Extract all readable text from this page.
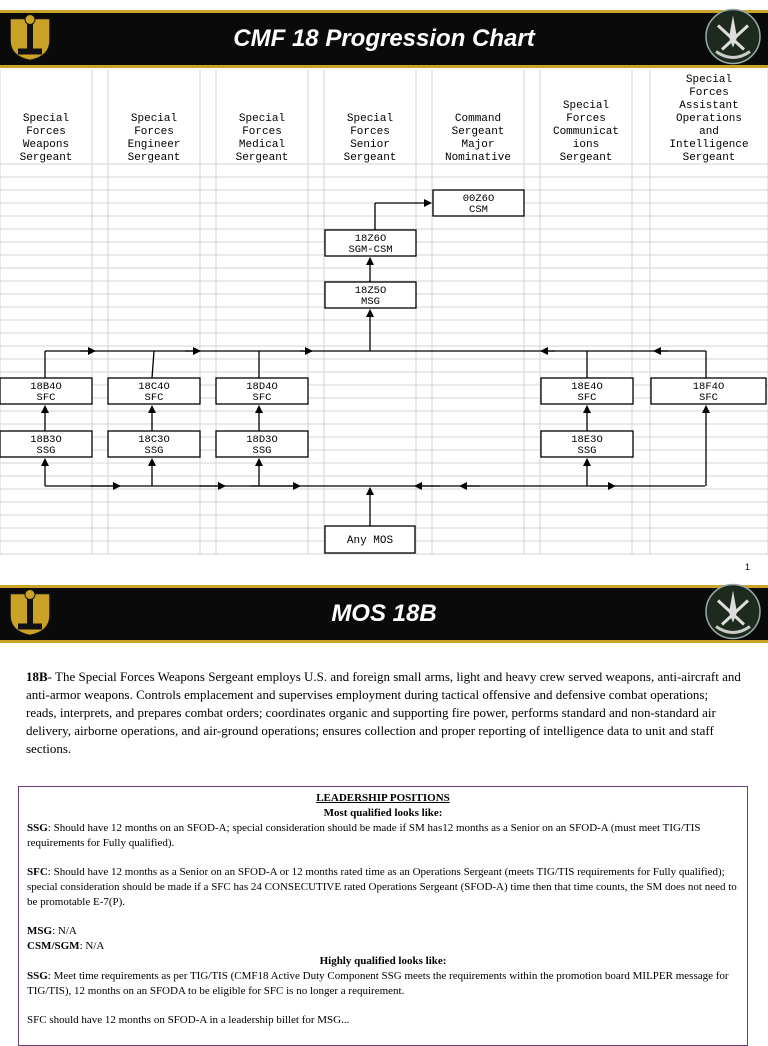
CMF 18 Progression Chart
Special
Forces
Weapons
Sergeant
Special
Forces
Engineer
Sergeant
Special
Forces
Medical
Sergeant
Special
Forces
Senior
Sergeant
Command
Sergeant
Major
Nominative
Special
Forces
Communicat
ions
Sergeant
Special
Forces
Assistant
Operations
and
Intelligence
Sergeant
00Z6O
CSM
18Z6O
SGM-CSM
18Z5O
MSG
18B4O
SFC
18C4O
SFC
18D4O
SFC
18E4O
SFC
18F4O
SFC
18B3O
SSG
18C3O
SSG
18D3O
SSG
18E3O
SSG
Any MOS
1
MOS 18B
18B- The Special Forces Weapons Sergeant employs U.S. and foreign small arms, light and heavy crew served weapons, anti-aircraft and anti-armor weapons. Controls emplacement and supervises employment during tactical offensive and defensive combat operations; reads, interprets, and prepares combat orders; coordinates organic and supporting fire power, performs standard and non-standard air delivery, airborne operations, and air-ground operations; ensures collection and proper reporting of intelligence data to unit and staff sections.

LEADERSHIP POSITIONS

Most qualified looks like:

SSG: Should have 12 months on an SFOD-A; special consideration should be made if SM has12 months as a Senior on an SFOD-A (must meet TIG/TIS requirements for Fully qualified).

SFC: Should have 12 months as a Senior on an SFOD-A or 12 months rated time as an Operations Sergeant (meets TIG/TIS requirements for Fully qualified); special consideration should be made if a SFC has 24 CONSECUTIVE rated Operations Sergeant (SFOD-A) time then that time counts, the SM does not need to be promotable E-7(P).

MSG: N/A

CSM/SGM: N/A

Highly qualified looks like:

SSG: Meet time requirements as per TIG/TIS (CMF18 Active Duty Component SSG meets the requirements within the promotion board MILPER message for TIG/TIS), 12 months on an SFODA to be eligible for SFC is no longer a requirement.

SFC should have 12 months on SFOD-A in a leadership billet for MSG...
